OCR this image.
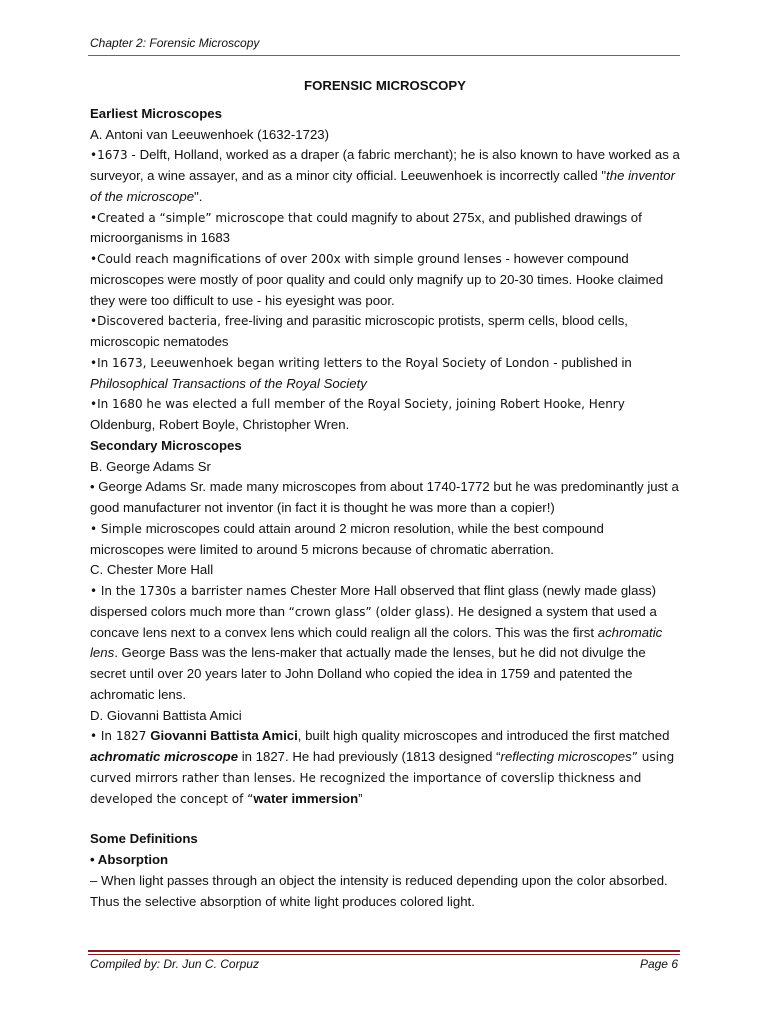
Chapter 2: Forensic Microscopy

FORENSIC MICROSCOPY

Earliest Microscopes

A. Antoni van Leeuwenhoek (1632-1723)

•1673 - Delft, Holland, worked as a draper (a fabric merchant); he is also known to have worked as a surveyor, a wine assayer, and as a minor city official. Leeuwenhoek is incorrectly called "the inventor of the microscope".

•Created a “simple” microscope that could magnify to about 275x, and published drawings of microorganisms in 1683

•Could reach magnifications of over 200x with simple ground lenses - however compound microscopes were mostly of poor quality and could only magnify up to 20-30 times. Hooke claimed they were too difficult to use - his eyesight was poor.

•Discovered bacteria, free-living and parasitic microscopic protists, sperm cells, blood cells, microscopic nematodes

•In 1673, Leeuwenhoek began writing letters to the Royal Society of London - published in
Philosophical Transactions of the Royal Society

•In 1680 he was elected a full member of the Royal Society, joining Robert Hooke, Henry
Oldenburg, Robert Boyle, Christopher Wren.

Secondary Microscopes

B. George Adams Sr

• George Adams Sr. made many microscopes from about 1740-1772 but he was predominantly just a good manufacturer not inventor (in fact it is thought he was more than a copier!)

• Simple microscopes could attain around 2 micron resolution, while the best compound microscopes were limited to around 5 microns because of chromatic aberration.

C. Chester More Hall

• In the 1730s a barrister names Chester More Hall observed that flint glass (newly made glass) dispersed colors much more than “crown glass” (older glass). He designed a system that used a concave lens next to a convex lens which could realign all the colors. This was the first achromatic lens. George Bass was the lens-maker that actually made the lenses, but he did not divulge the secret until over 20 years later to John Dolland who copied the idea in 1759 and patented the achromatic lens.

D. Giovanni Battista Amici

• In 1827 Giovanni Battista Amici, built high quality microscopes and introduced the first matched achromatic microscope in 1827. He had previously (1813 designed “reflecting microscopes” using curved mirrors rather than lenses. He recognized the importance of coverslip thickness and developed the concept of “water immersion”

Some Definitions

• Absorption

– When light passes through an object the intensity is reduced depending upon the color absorbed. Thus the selective absorption of white light produces colored light.

Compiled by: Dr. Jun C. Corpuz	Page 6
